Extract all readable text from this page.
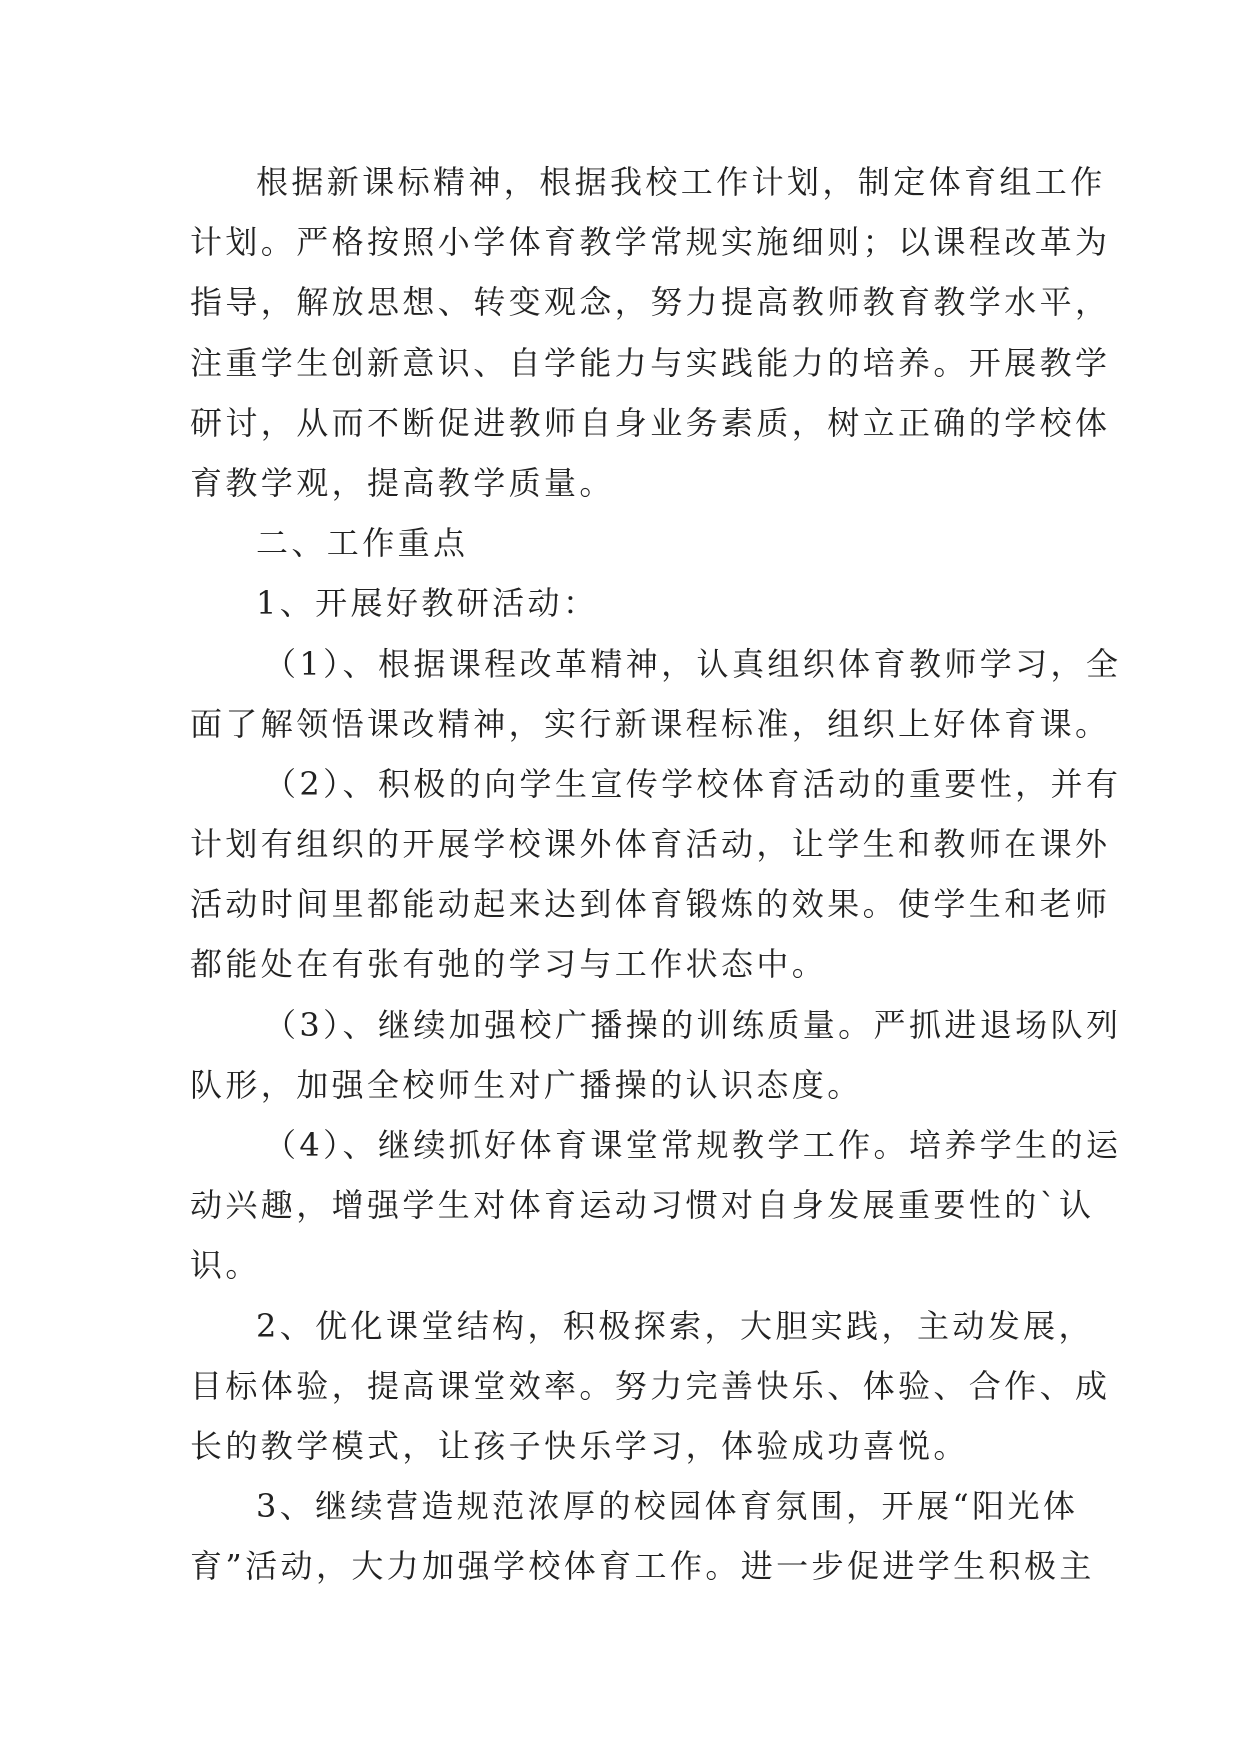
根据新课标精神，根据我校工作计划，制定体育组工作
计划。严格按照小学体育教学常规实施细则；以课程改革为
指导，解放思想、转变观念，努力提高教师教育教学水平，
注重学生创新意识、自学能力与实践能力的培养。开展教学
研讨，从而不断促进教师自身业务素质，树立正确的学校体
育教学观，提高教学质量。
二、工作重点
1、开展好教研活动：
（1）、根据课程改革精神，认真组织体育教师学习，全
面了解领悟课改精神，实行新课程标准，组织上好体育课。
（2）、积极的向学生宣传学校体育活动的重要性，并有
计划有组织的开展学校课外体育活动，让学生和教师在课外
活动时间里都能动起来达到体育锻炼的效果。使学生和老师
都能处在有张有弛的学习与工作状态中。
（3）、继续加强校广播操的训练质量。严抓进退场队列
队形，加强全校师生对广播操的认识态度。
（4）、继续抓好体育课堂常规教学工作。培养学生的运
动兴趣，增强学生对体育运动习惯对自身发展重要性的`认
识。
2、优化课堂结构，积极探索，大胆实践，主动发展，
目标体验，提高课堂效率。努力完善快乐、体验、合作、成
长的教学模式，让孩子快乐学习，体验成功喜悦。
3、继续营造规范浓厚的校园体育氛围，开展“阳光体
育”活动，大力加强学校体育工作。进一步促进学生积极主
